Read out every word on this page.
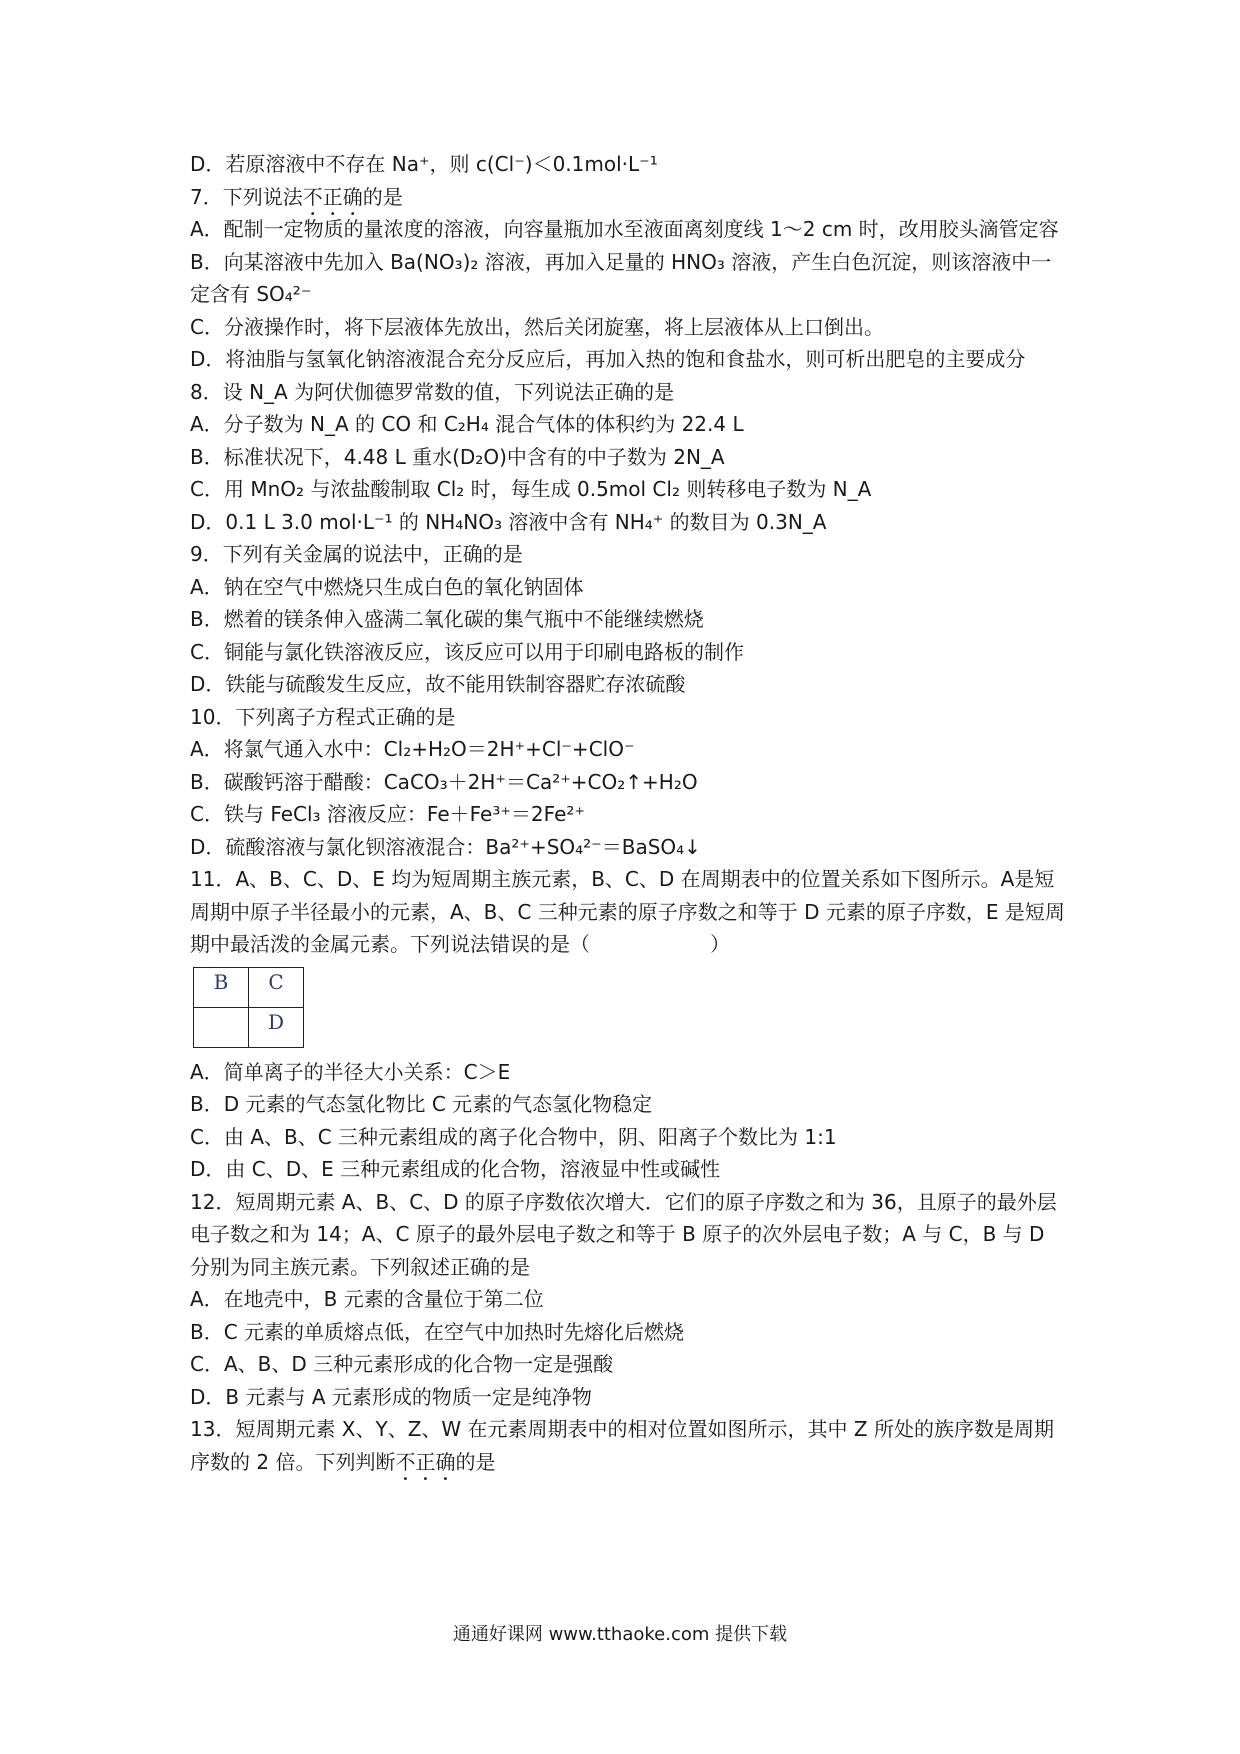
D．若原溶液中不存在 Na⁺，则 c(Cl⁻)＜0.1mol·L⁻¹
7．下列说法不正确的是
A．配制一定物质的量浓度的溶液，向容量瓶加水至液面离刻度线 1～2 cm 时，改用胶头滴管定容
B．向某溶液中先加入 Ba(NO₃)₂ 溶液，再加入足量的 HNO₃ 溶液，产生白色沉淀，则该溶液中一定含有 SO₄²⁻
C．分液操作时，将下层液体先放出，然后关闭旋塞，将上层液体从上口倒出。
D．将油脂与氢氧化钠溶液混合充分反应后，再加入热的饱和食盐水，则可析出肥皂的主要成分
8．设 N_A 为阿伏伽德罗常数的值，下列说法正确的是
A．分子数为 N_A 的 CO 和 C₂H₄ 混合气体的体积约为 22.4 L
B．标准状况下，4.48 L 重水(D₂O)中含有的中子数为 2N_A
C．用 MnO₂ 与浓盐酸制取 Cl₂ 时，每生成 0.5mol Cl₂ 则转移电子数为 N_A
D．0.1 L 3.0 mol·L⁻¹ 的 NH₄NO₃ 溶液中含有 NH₄⁺ 的数目为 0.3N_A
9．下列有关金属的说法中，正确的是
A．钠在空气中燃烧只生成白色的氧化钠固体
B．燃着的镁条伸入盛满二氧化碳的集气瓶中不能继续燃烧
C．铜能与氯化铁溶液反应，该反应可以用于印刷电路板的制作
D．铁能与硫酸发生反应，故不能用铁制容器贮存浓硫酸
10．下列离子方程式正确的是
A．将氯气通入水中：Cl₂+H₂O＝2H⁺+Cl⁻+ClO⁻
B．碳酸钙溶于醋酸：CaCO₃＋2H⁺＝Ca²⁺+CO₂↑+H₂O
C．铁与 FeCl₃ 溶液反应：Fe＋Fe³⁺＝2Fe²⁺
D．硫酸溶液与氯化钡溶液混合：Ba²⁺+SO₄²⁻＝BaSO₄↓
11．A、B、C、D、E 均为短周期主族元素，B、C、D 在周期表中的位置关系如下图所示。A是短周期中原子半径最小的元素，A、B、C 三种元素的原子序数之和等于 D 元素的原子序数，E 是短周期中最活泼的金属元素。下列说法错误的是（　　　　　　）
B	C
	D
A．简单离子的半径大小关系：C＞E
B．D 元素的气态氢化物比 C 元素的气态氢化物稳定
C．由 A、B、C 三种元素组成的离子化合物中，阴、阳离子个数比为 1:1
D．由 C、D、E 三种元素组成的化合物，溶液显中性或碱性
12．短周期元素 A、B、C、D 的原子序数依次增大．它们的原子序数之和为 36，且原子的最外层电子数之和为 14；A、C 原子的最外层电子数之和等于 B 原子的次外层电子数；A 与 C，B 与 D 分别为同主族元素。下列叙述正确的是
A．在地壳中，B 元素的含量位于第二位
B．C 元素的单质熔点低，在空气中加热时先熔化后燃烧
C．A、B、D 三种元素形成的化合物一定是强酸
D．B 元素与 A 元素形成的物质一定是纯净物
13．短周期元素 X、Y、Z、W 在元素周期表中的相对位置如图所示，其中 Z 所处的族序数是周期序数的 2 倍。下列判断不正确的是
通通好课网 www.tthaoke.com 提供下载
